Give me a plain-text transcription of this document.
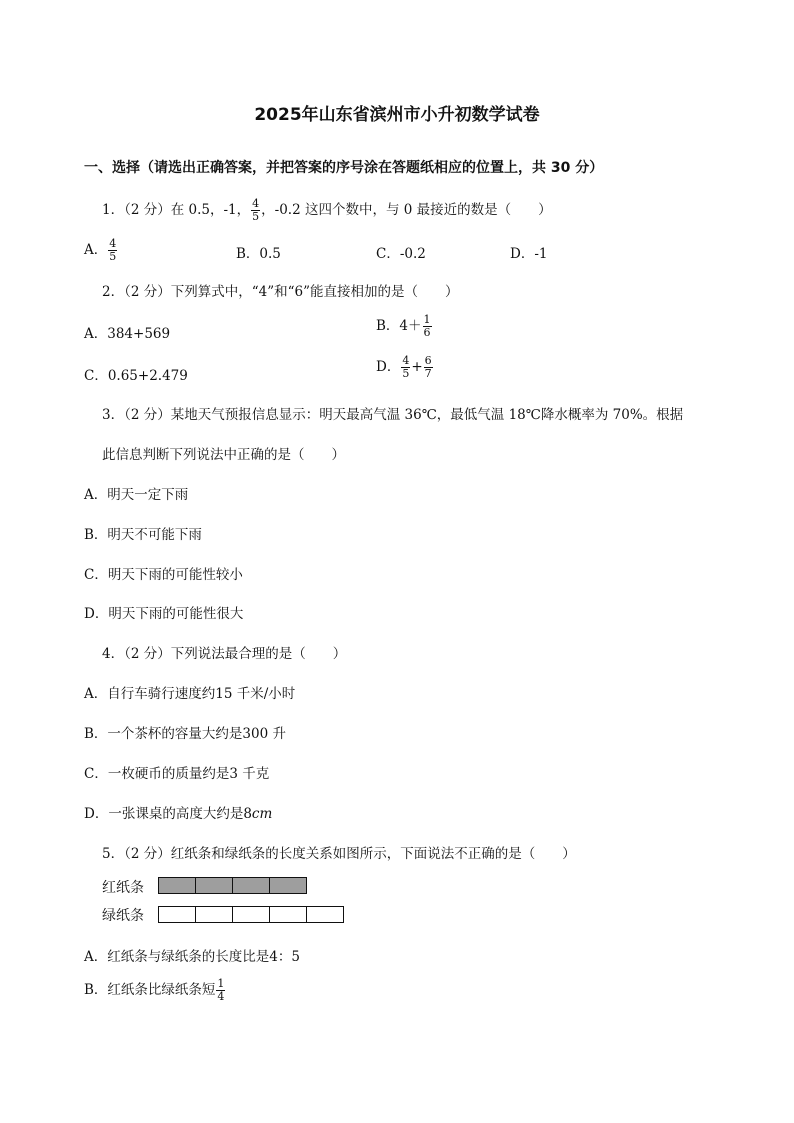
2025年山东省滨州市小升初数学试卷
一、选择（请选出正确答案，并把答案的序号涂在答题纸相应的位置上，共 30 分）
1．（2 分）在 0.5，-1， $\frac{4}{5}$ ，-0.2 这四个数中，与 0 最接近的数是（　　）
A． $\frac{4}{5}$	B．0.5	C．-0.2	D．-1
2．（2 分）下列算式中，“4”和“6”能直接相加的是（　　）
A．384+569	B．$4+ \frac{1}{6}$
C．0.65+2.479
D． $\frac{4}{5} + \frac{6}{7}$
3．（2 分）某地天气预报信息显示：明天最高气温 36℃，最低气温 18℃降水概率为 70%。根据
此信息判断下列说法中正确的是（　　）
A．明天一定下雨
B．明天不可能下雨
C．明天下雨的可能性较小
D．明天下雨的可能性很大
4．（2 分）下列说法最合理的是（　　）
A．自行车骑行速度约15 千米/小时
B．一个茶杯的容量大约是300 升
C．一枚硬币的质量约是3 千克
D．一张课桌的高度大约是8cm
5．（2 分）红纸条和绿纸条的长度关系如图所示，下面说法不正确的是（　　）
红纸条
绿纸条
A．红纸条与绿纸条的长度比是4：5
B．红纸条比绿纸条短 $\frac{1}{4}$
